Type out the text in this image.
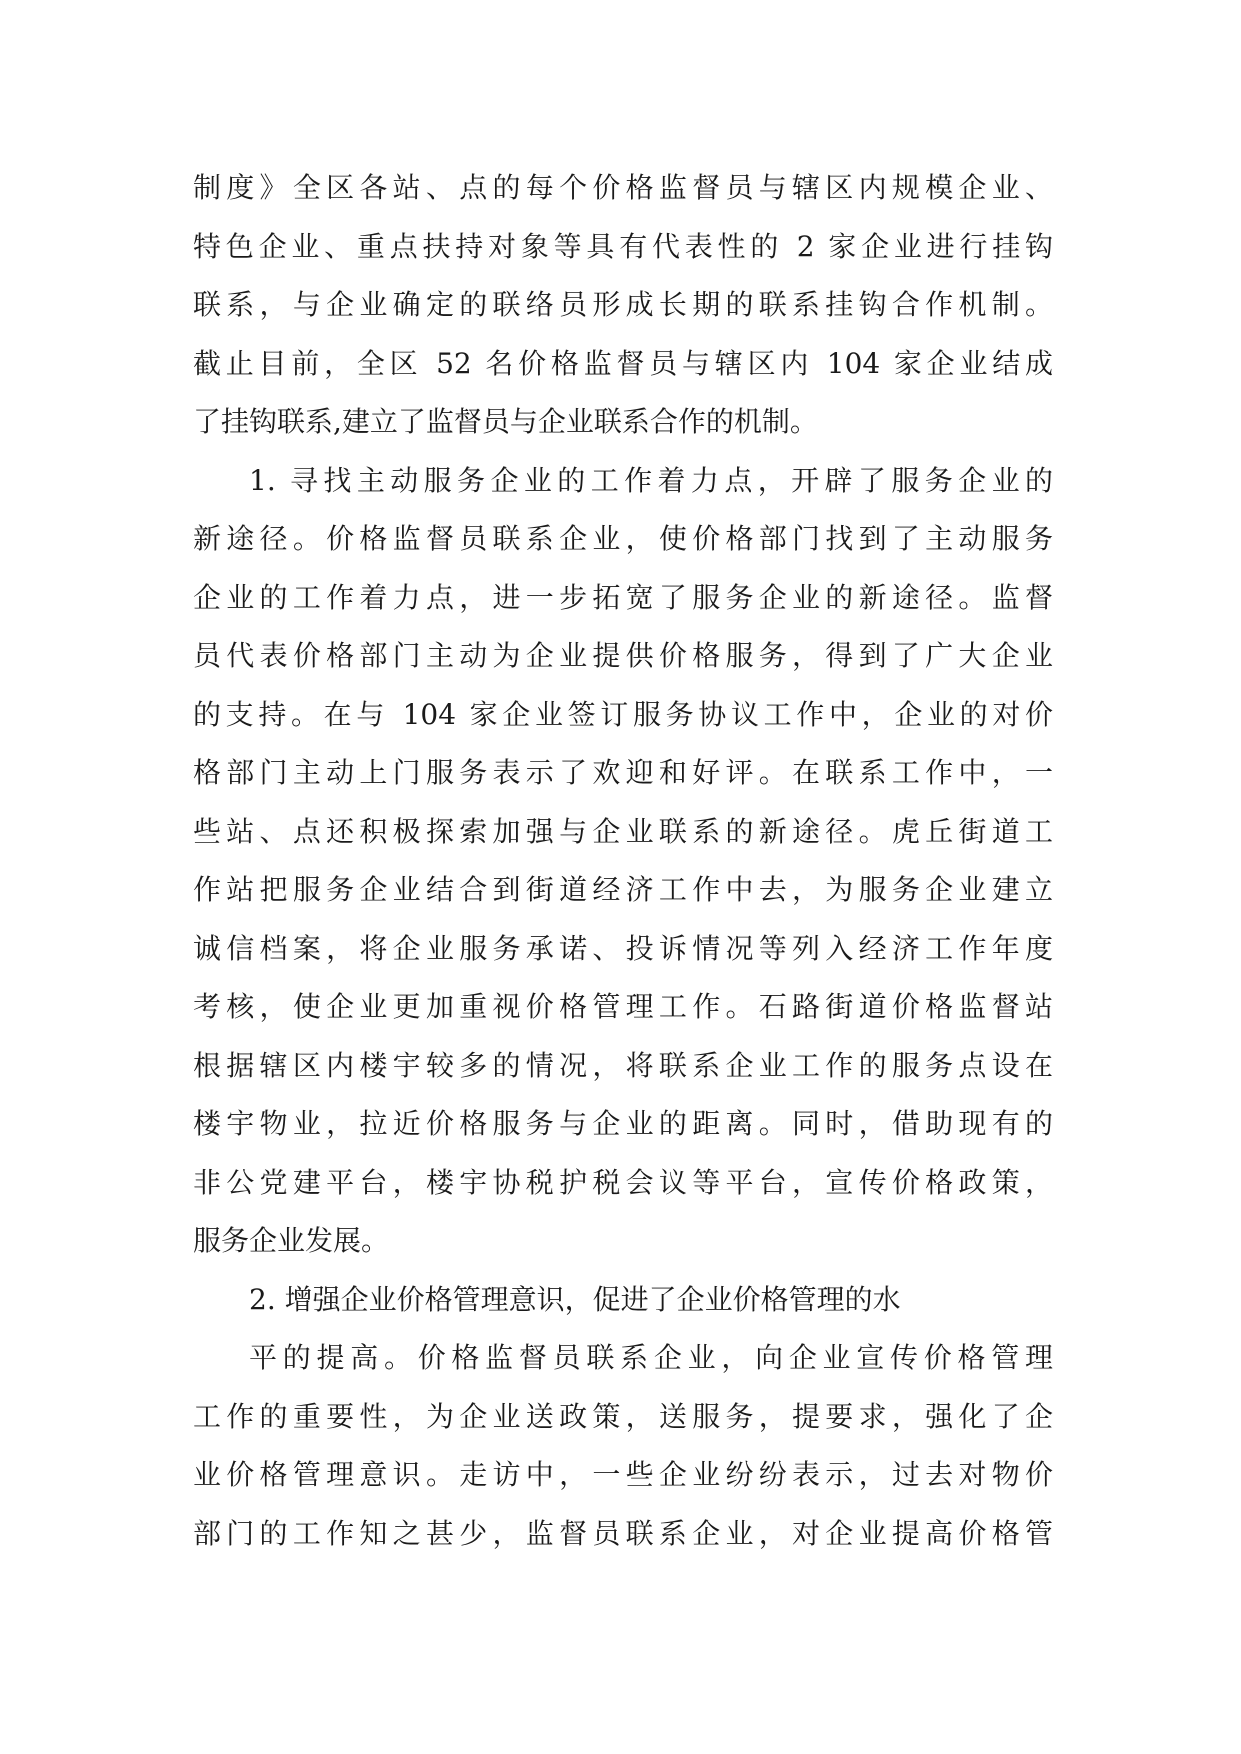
制度》全区各站、点的每个价格监督员与辖区内规模企业、
特色企业、重点扶持对象等具有代表性的 2 家企业进行挂钩
联系，与企业确定的联络员形成长期的联系挂钩合作机制。
截止目前，全区 52 名价格监督员与辖区内 104 家企业结成
了挂钩联系,建立了监督员与企业联系合作的机制。
1. 寻找主动服务企业的工作着力点，开辟了服务企业的
新途径。价格监督员联系企业，使价格部门找到了主动服务
企业的工作着力点，进一步拓宽了服务企业的新途径。监督
员代表价格部门主动为企业提供价格服务，得到了广大企业
的支持。在与 104 家企业签订服务协议工作中，企业的对价
格部门主动上门服务表示了欢迎和好评。在联系工作中，一
些站、点还积极探索加强与企业联系的新途径。虎丘街道工
作站把服务企业结合到街道经济工作中去，为服务企业建立
诚信档案，将企业服务承诺、投诉情况等列入经济工作年度
考核，使企业更加重视价格管理工作。石路街道价格监督站
根据辖区内楼宇较多的情况，将联系企业工作的服务点设在
楼宇物业，拉近价格服务与企业的距离。同时，借助现有的
非公党建平台，楼宇协税护税会议等平台，宣传价格政策，
服务企业发展。
2. 增强企业价格管理意识，促进了企业价格管理的水
平的提高。价格监督员联系企业，向企业宣传价格管理
工作的重要性，为企业送政策，送服务，提要求，强化了企
业价格管理意识。走访中，一些企业纷纷表示，过去对物价
部门的工作知之甚少，监督员联系企业，对企业提高价格管
